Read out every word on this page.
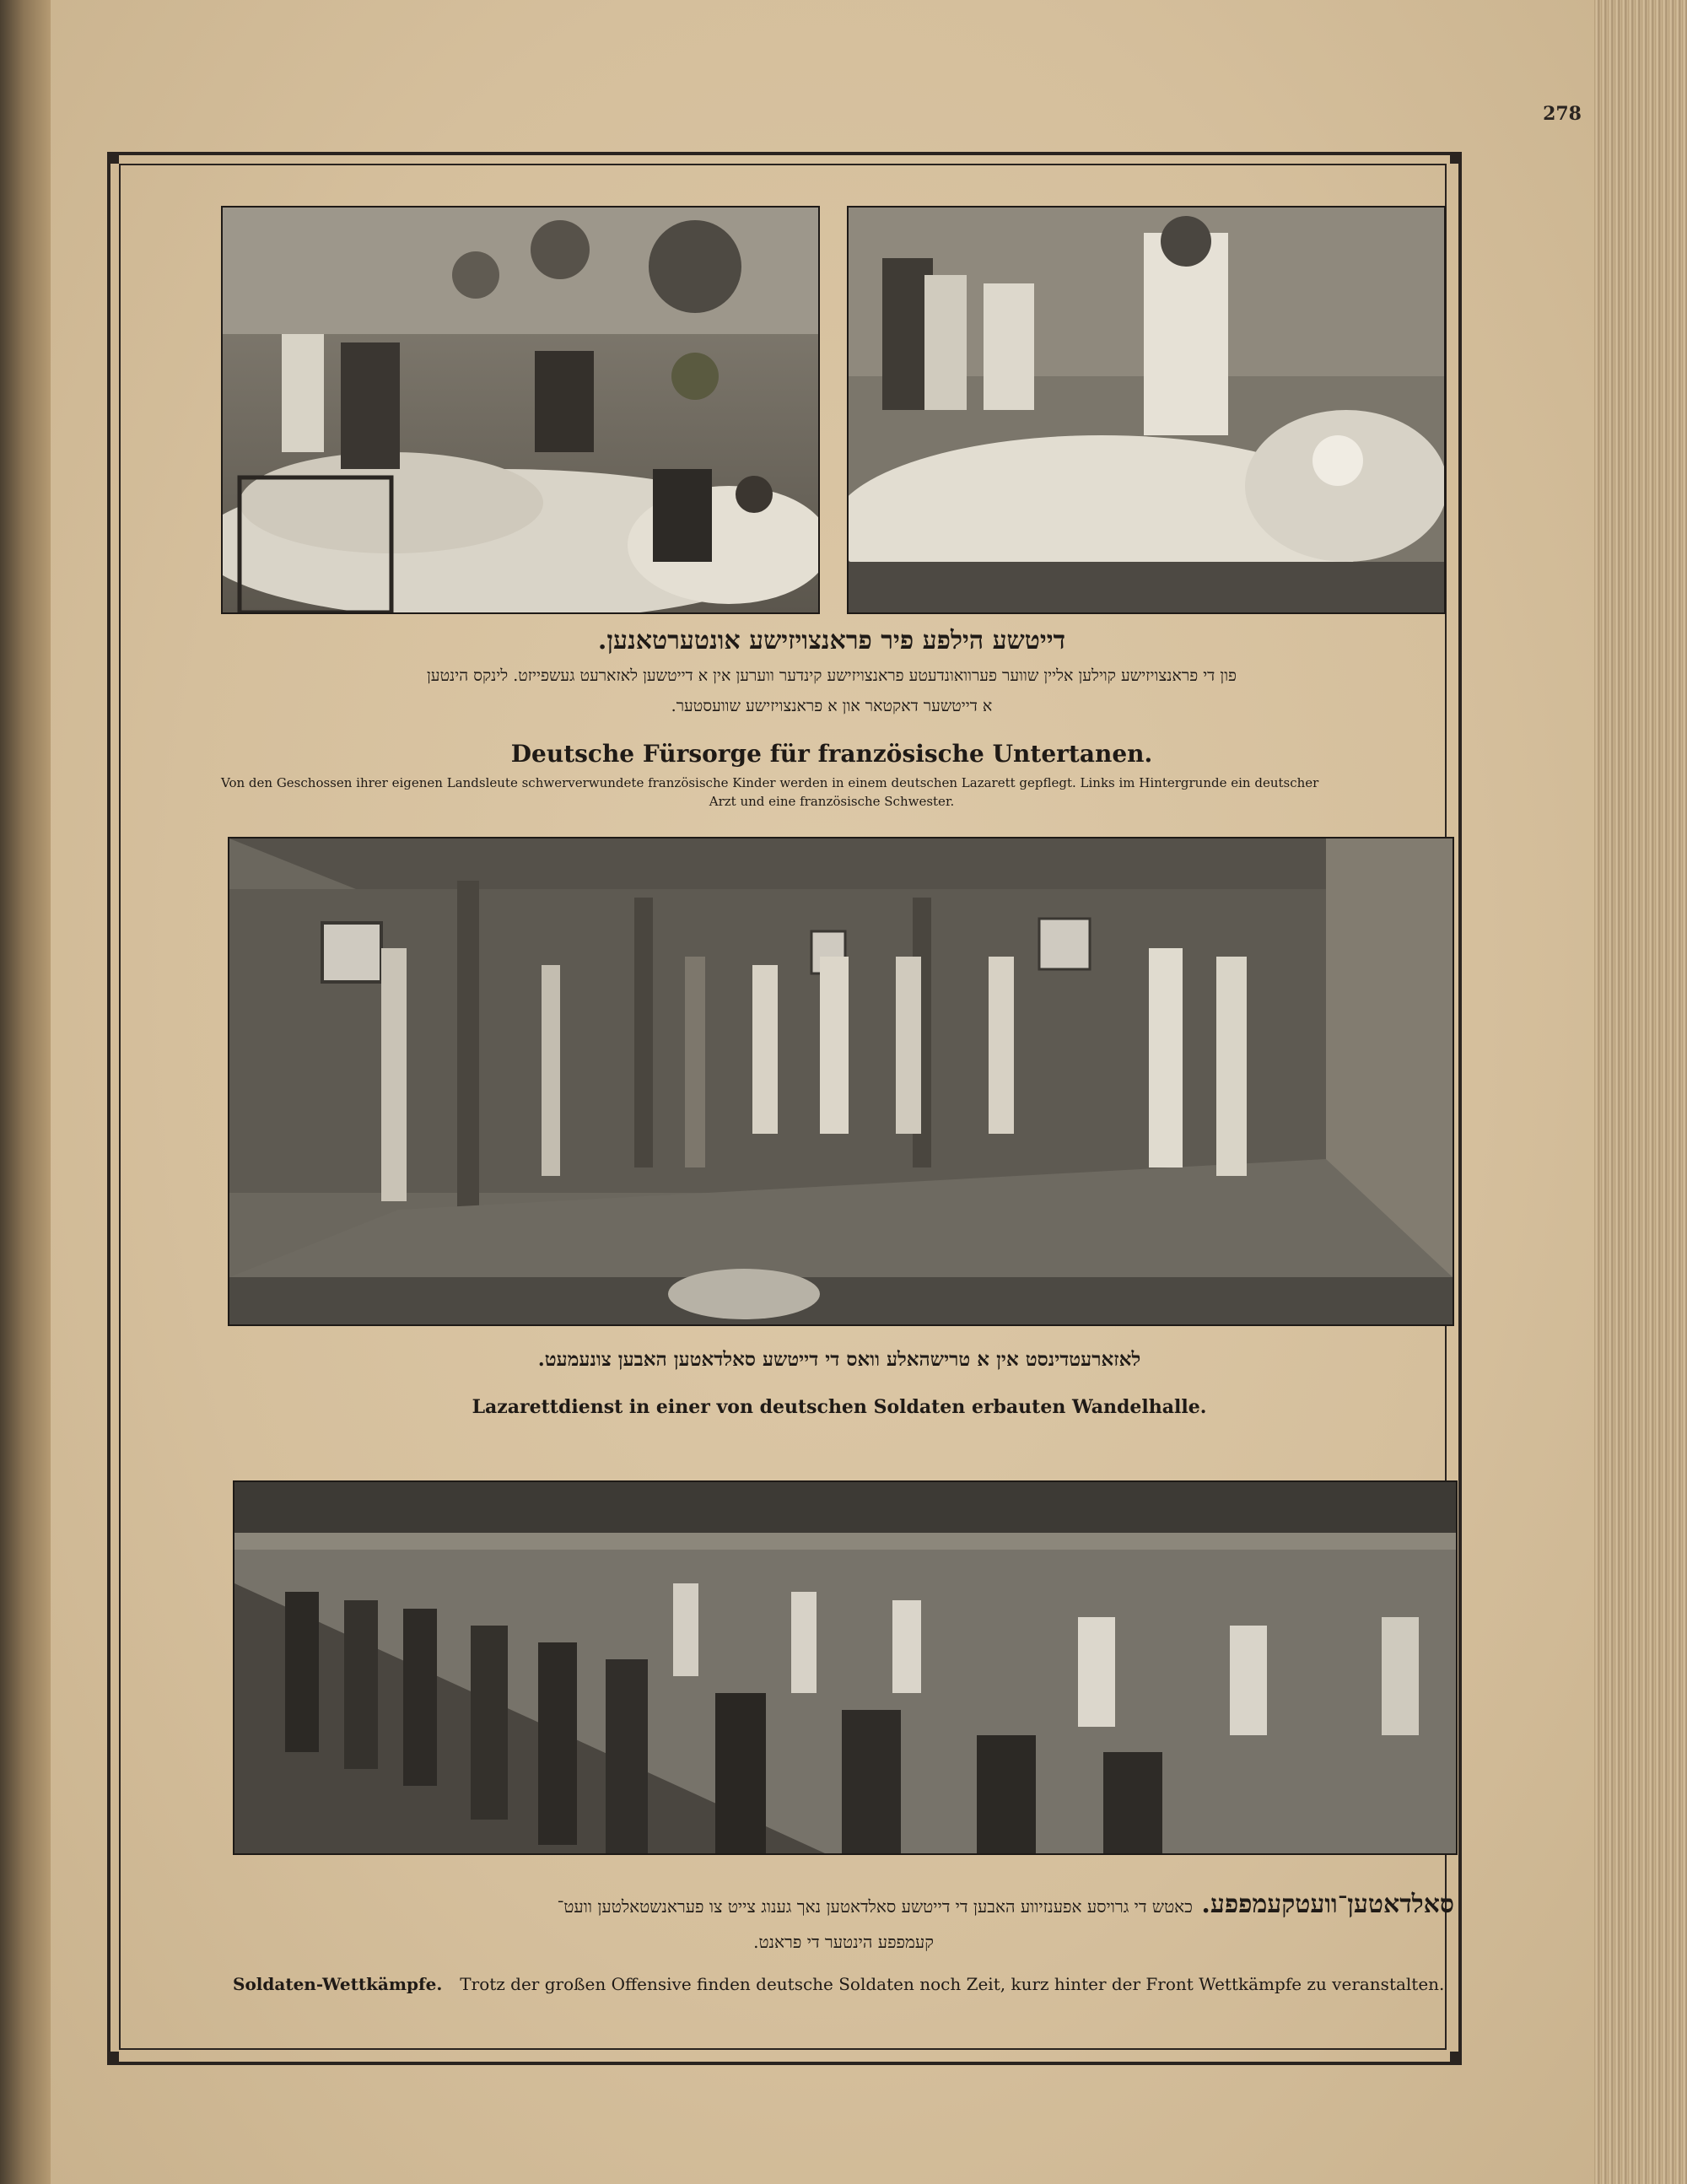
278
דייטשע הילפע פיר פראנצויזישע אונטערטאנען.
פון די פראנצויזישע קוילען אליין שווער פערוואונדעטע פראנצויזישע קינדער ווערען אין א דייטשען לאזארעט געשפייזט. לינקס הינטען
א דייטשער דאקטאר און א פראנצויזישע שוועסטער.
Deutsche Fürsorge für französische Untertanen.
Von den Geschossen ihrer eigenen Landsleute schwerverwundete französische Kinder werden in einem deutschen Lazarett gepflegt. Links im Hintergrunde ein deutscher
Arzt und eine französische Schwester.
לאזארעטדינסט אין א טרישהאלע וואס די דייטשע סאלדאטען האבען צונעמעט.
Lazarettdienst in einer von deutschen Soldaten erbauten Wandelhalle.
סאלדאטען־וועטקעמפפע. כאטש די גרויסע אפענזיווע האבען די דייטשע סאלדאטען נאך גענוג צייט צו פעראנשטאלטען וועט־
קעמפפע הינטער די פראנט.
Soldaten-Wettkämpfe. Trotz der großen Offensive finden deutsche Soldaten noch Zeit, kurz hinter der Front Wettkämpfe zu veranstalten.
